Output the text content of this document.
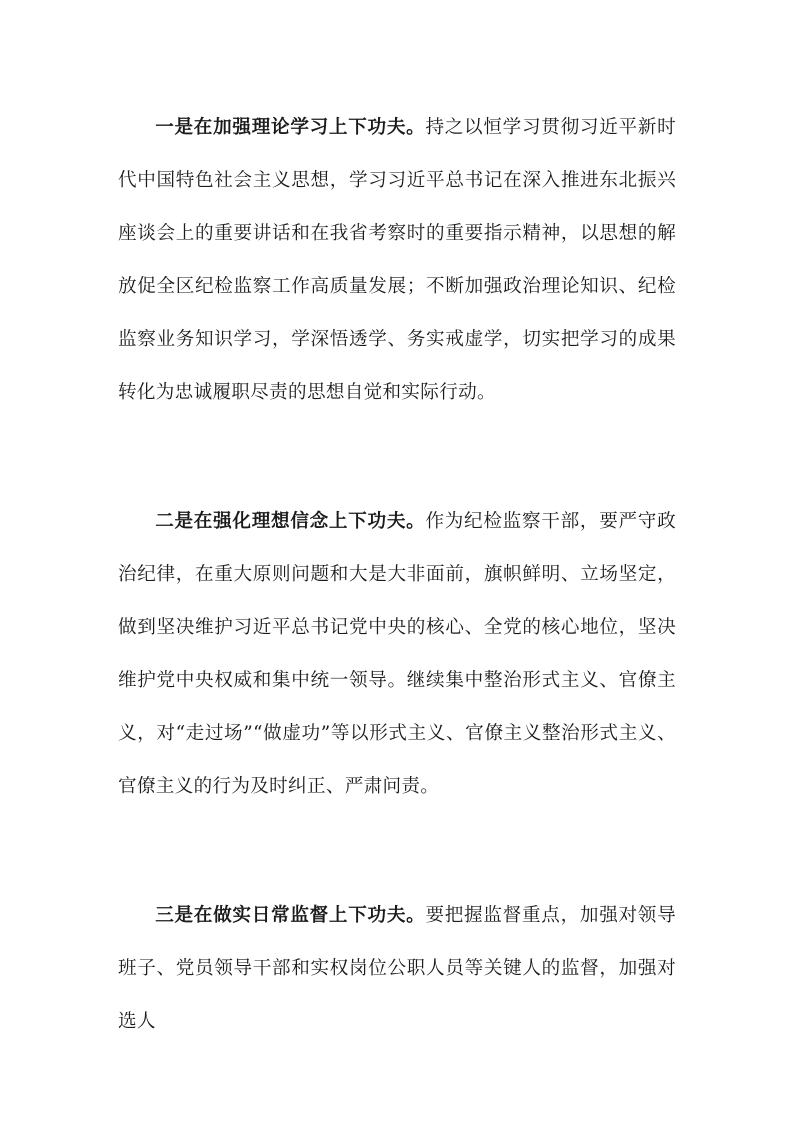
一是在加强理论学习上下功夫。持之以恒学习贯彻习近平新时代中国特色社会主义思想，学习习近平总书记在深入推进东北振兴座谈会上的重要讲话和在我省考察时的重要指示精神，以思想的解放促全区纪检监察工作高质量发展；不断加强政治理论知识、纪检监察业务知识学习，学深悟透学、务实戒虚学，切实把学习的成果转化为忠诚履职尽责的思想自觉和实际行动。

二是在强化理想信念上下功夫。作为纪检监察干部，要严守政治纪律，在重大原则问题和大是大非面前，旗帜鲜明、立场坚定，做到坚决维护习近平总书记党中央的核心、全党的核心地位，坚决维护党中央权威和集中统一领导。继续集中整治形式主义、官僚主义，对“走过场”“做虚功”等以形式主义、官僚主义整治形式主义、官僚主义的行为及时纠正、严肃问责。

三是在做实日常监督上下功夫。要把握监督重点，加强对领导班子、党员领导干部和实权岗位公职人员等关键人的监督，加强对选人
